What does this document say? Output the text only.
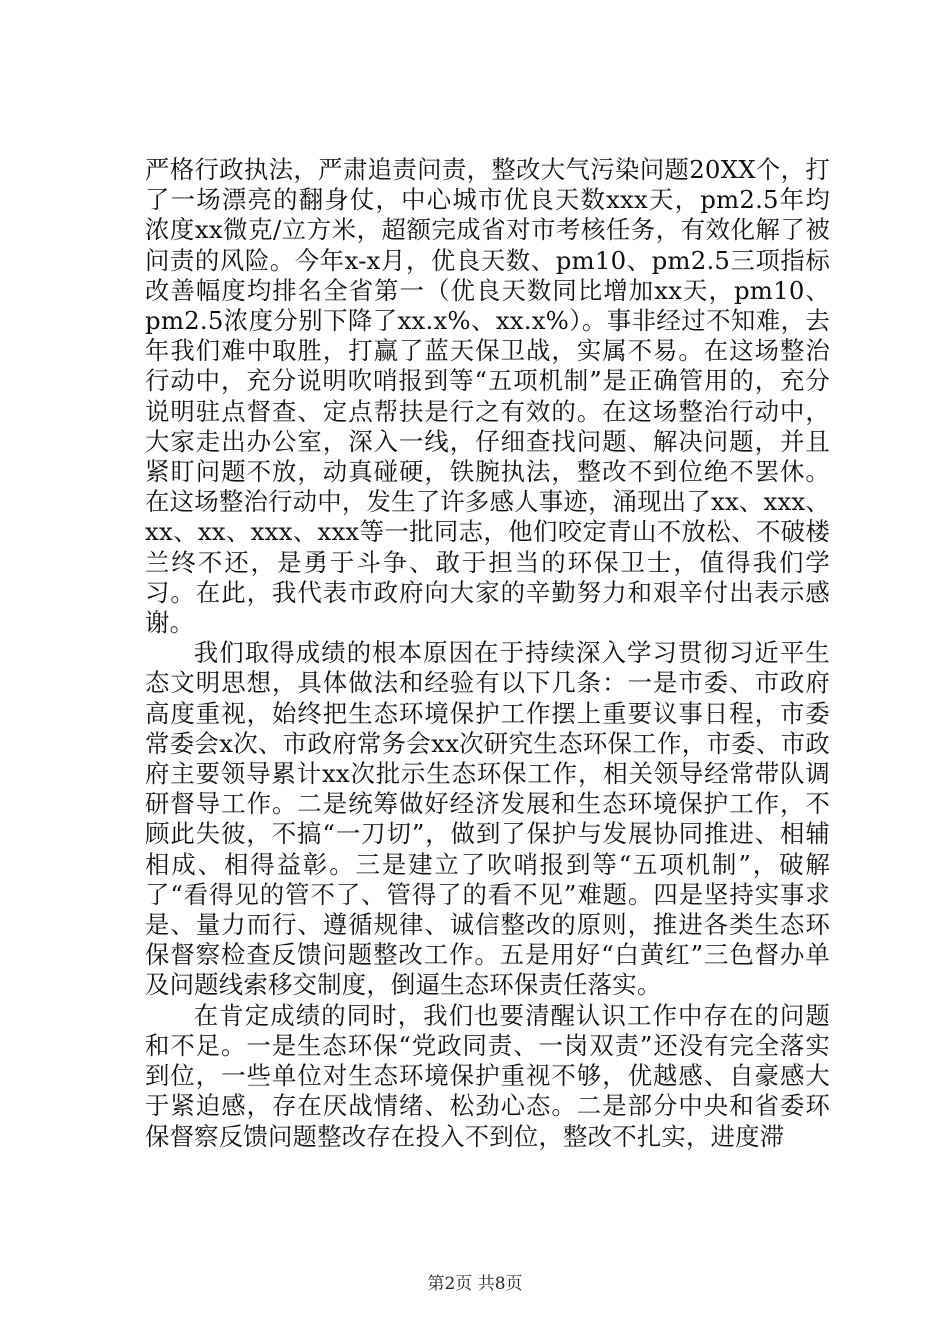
严格行政执法，严肃追责问责，整改大气污染问题20XX个，打了一场漂亮的翻身仗，中心城市优良天数xxx天，pm2.5年均浓度xx微克/立方米，超额完成省对市考核任务，有效化解了被问责的风险。今年x-x月，优良天数、pm10、pm2.5三项指标改善幅度均排名全省第一（优良天数同比增加xx天，pm10、pm2.5浓度分别下降了xx.x%、xx.x%）。事非经过不知难，去年我们难中取胜，打赢了蓝天保卫战，实属不易。在这场整治行动中，充分说明吹哨报到等“五项机制”是正确管用的，充分说明驻点督查、定点帮扶是行之有效的。在这场整治行动中，大家走出办公室，深入一线，仔细查找问题、解决问题，并且紧盯问题不放，动真碰硬，铁腕执法，整改不到位绝不罢休。在这场整治行动中，发生了许多感人事迹，涌现出了xx、xxx、xx、xx、xxx、xxx等一批同志，他们咬定青山不放松、不破楼兰终不还，是勇于斗争、敢于担当的环保卫士，值得我们学习。在此，我代表市政府向大家的辛勤努力和艰辛付出表示感谢。

我们取得成绩的根本原因在于持续深入学习贯彻习近平生态文明思想，具体做法和经验有以下几条：一是市委、市政府高度重视，始终把生态环境保护工作摆上重要议事日程，市委常委会x次、市政府常务会xx次研究生态环保工作，市委、市政府主要领导累计xx次批示生态环保工作，相关领导经常带队调研督导工作。二是统筹做好经济发展和生态环境保护工作，不顾此失彼，不搞“一刀切”，做到了保护与发展协同推进、相辅相成、相得益彰。三是建立了吹哨报到等“五项机制”，破解了“看得见的管不了、管得了的看不见”难题。四是坚持实事求是、量力而行、遵循规律、诚信整改的原则，推进各类生态环保督察检查反馈问题整改工作。五是用好“白黄红”三色督办单及问题线索移交制度，倒逼生态环保责任落实。

在肯定成绩的同时，我们也要清醒认识工作中存在的问题和不足。一是生态环保“党政同责、一岗双责”还没有完全落实到位，一些单位对生态环境保护重视不够，优越感、自豪感大于紧迫感，存在厌战情绪、松劲心态。二是部分中央和省委环保督察反馈问题整改存在投入不到位，整改不扎实，进度滞

第2页 共8页
